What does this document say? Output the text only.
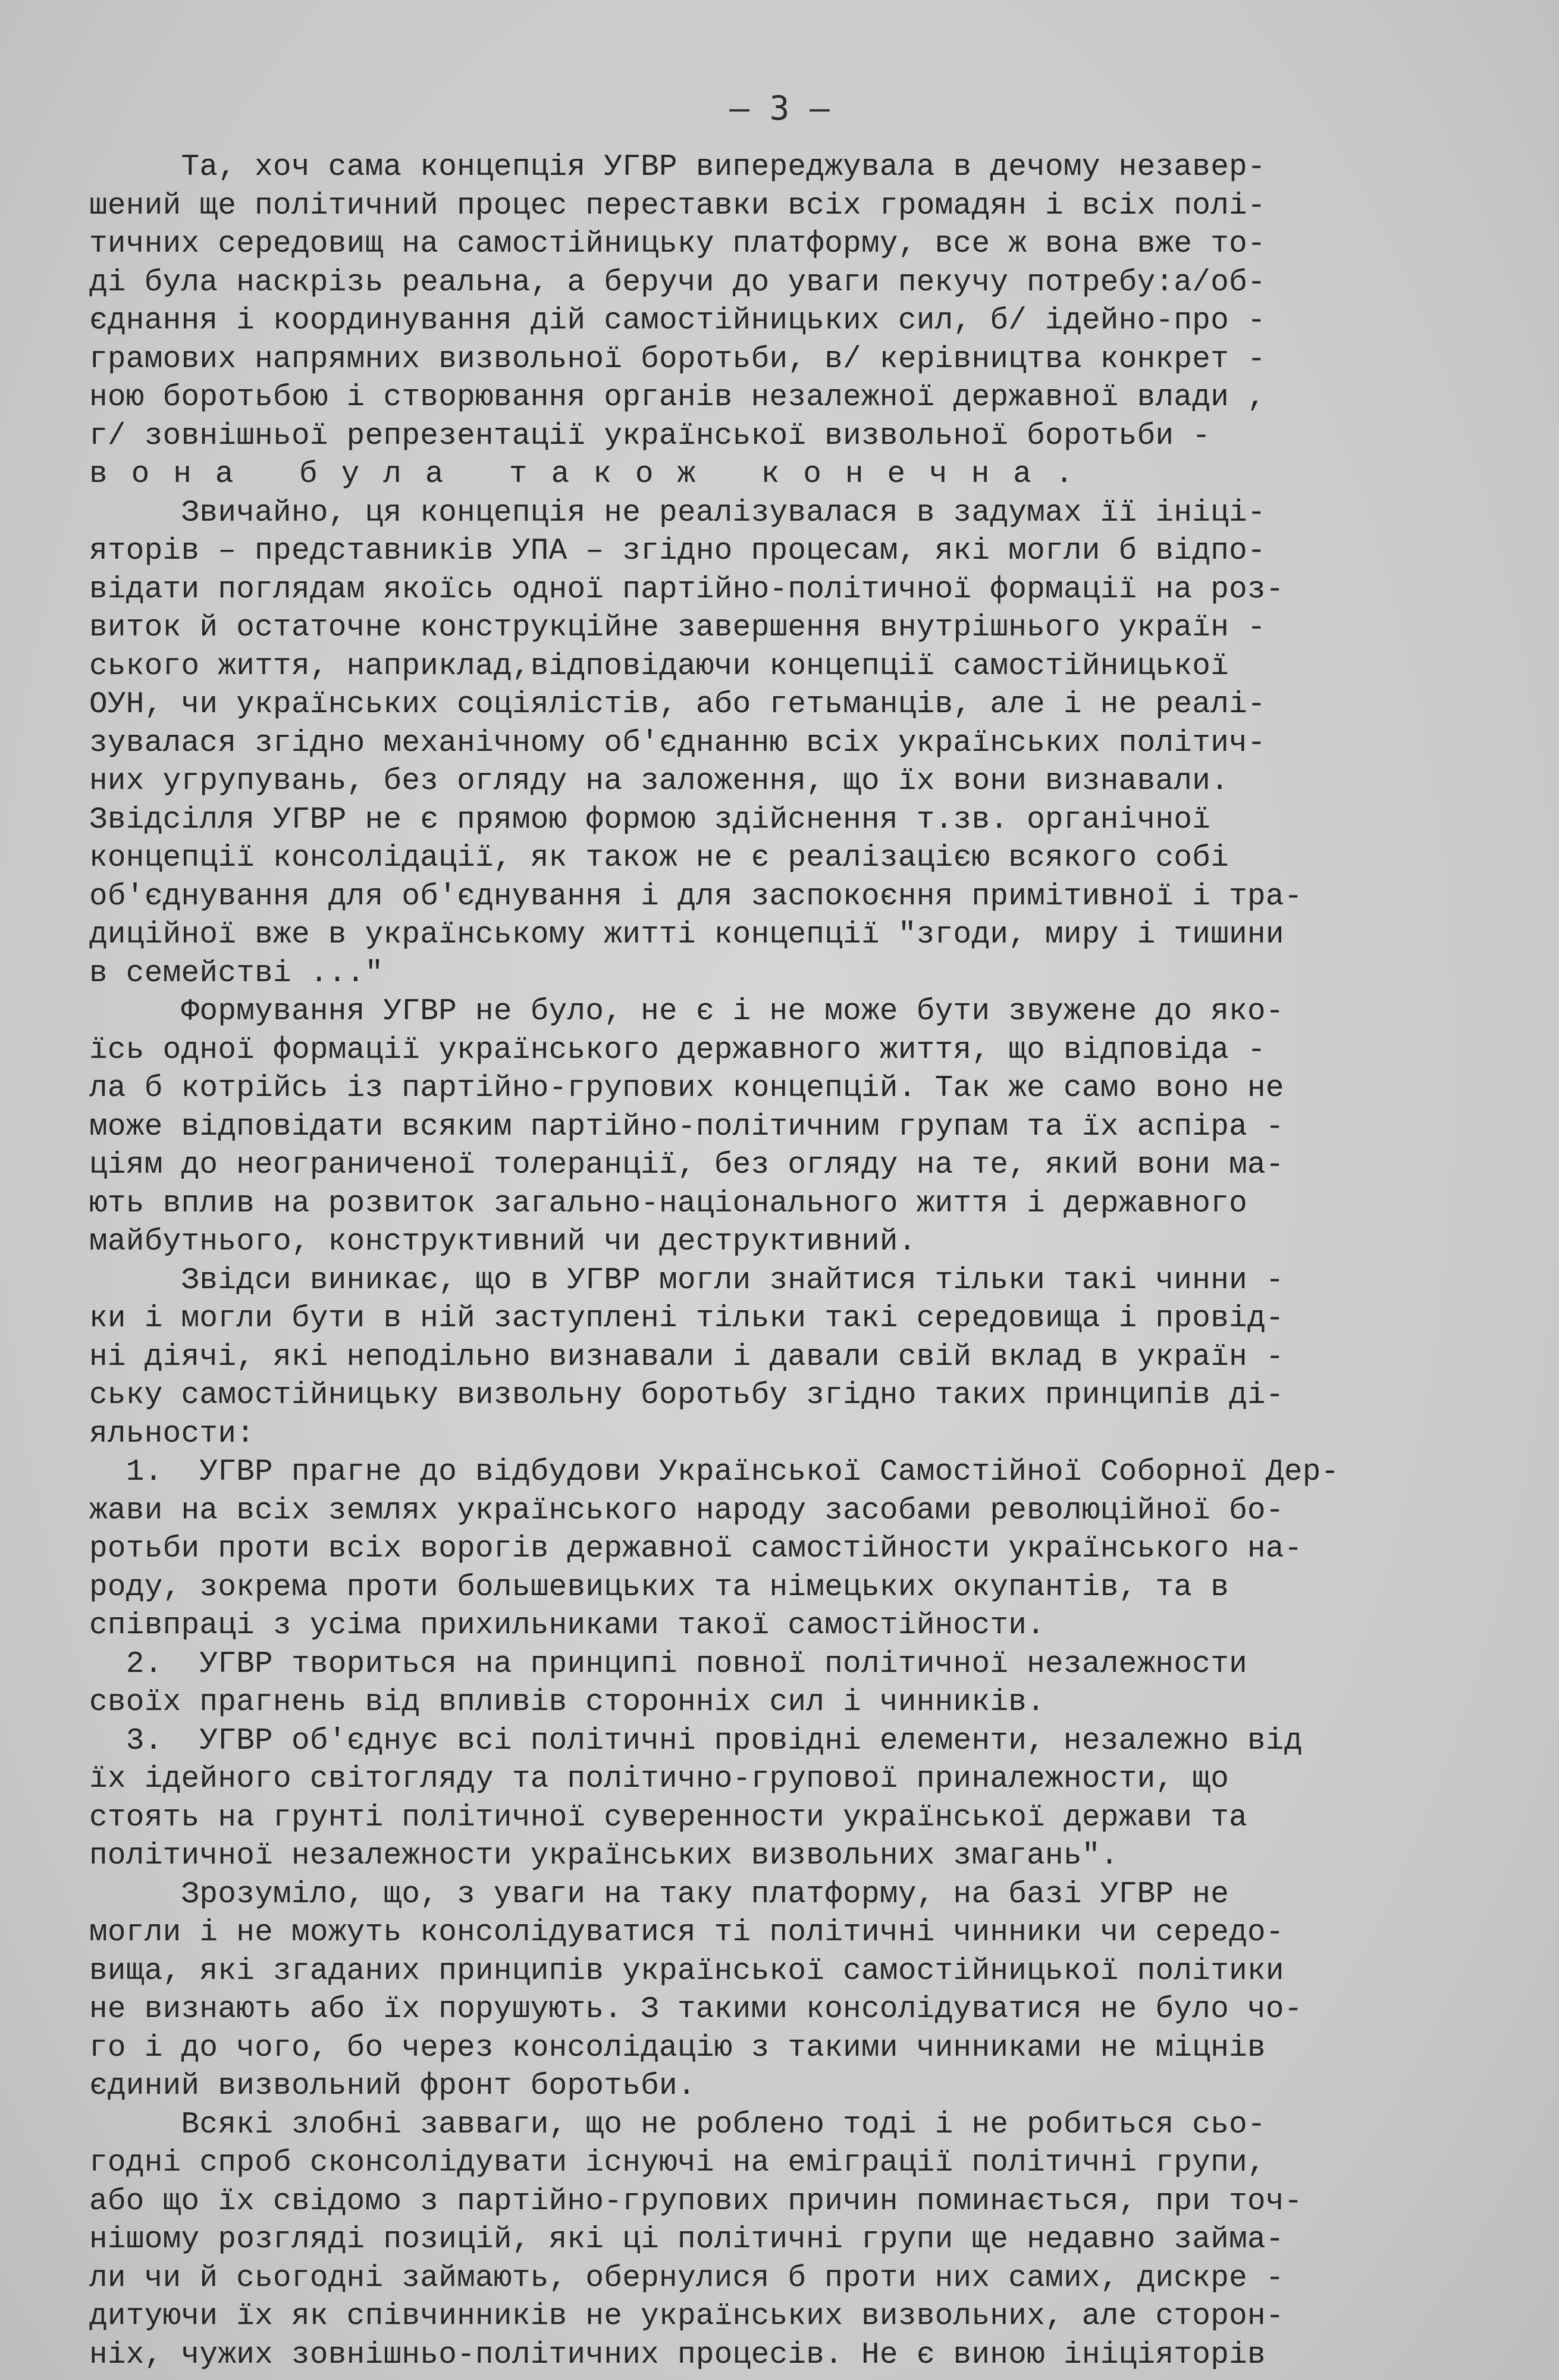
– 3 –
Та, хоч сама концепція УГВР випереджувала в дечому незавер-
шений ще політичний процес переставки всіх громадян і всіх полі-
тичних середовищ на самостійницьку платформу, все ж вона вже то-
ді була наскрізь реальна, а беручи до уваги пекучу потребу:а/об-
єднання і координування дій самостійницьких сил, б/ ідейно-про -
грамових напрямних визвольної боротьби, в/ керівництва конкрет -
ною боротьбою і створювання органів незалежної державної влади ,
г/ зовнішньої репрезентації української визвольної боротьби -
вона була також конечна.
Звичайно, ця концепція не реалізувалася в задумах її ініці-
яторів – представників УПА – згідно процесам, які могли б відпо-
відати поглядам якоїсь одної партійно-політичної формації на роз-
виток й остаточне конструкційне завершення внутрішнього україн -
ського життя, наприклад,відповідаючи концепції самостійницької
ОУН, чи українських соціялістів, або гетьманців, але і не реалі-
зувалася згідно механічному об'єднанню всіх українських політич-
них угрупувань, без огляду на заложення, що їх вони визнавали.
Звідсілля УГВР не є прямою формою здійснення т.зв. органічної
концепції консолідації, як також не є реалізацією всякого собі
об'єднування для об'єднування і для заспокоєння примітивної і тра-
диційної вже в українському житті концепції "згоди, миру і тишини
в семействі ..."
Формування УГВР не було, не є і не може бути звужене до яко-
їсь одної формації українського державного життя, що відповіда -
ла б котрійсь із партійно-групових концепцій. Так же само воно не
може відповідати всяким партійно-політичним групам та їх аспіра -
ціям до неограниченої толеранції, без огляду на те, який вони ма-
ють вплив на розвиток загально-національного життя і державного
майбутнього, конструктивний чи деструктивний.
Звідси виникає, що в УГВР могли знайтися тільки такі чинни -
ки і могли бути в ній заступлені тільки такі середовища і провід-
ні діячі, які неподільно визнавали і давали свій вклад в україн -
ську самостійницьку визвольну боротьбу згідно таких принципів ді-
яльности:
1.  УГВР прагне до відбудови Української Самостійної Соборної Дер-
жави на всіх землях українського народу засобами революційної бо-
ротьби проти всіх ворогів державної самостійности українського на-
роду, зокрема проти большевицьких та німецьких окупантів, та в
співпраці з усіма прихильниками такої самостійности.
2.  УГВР твориться на принципі повної політичної незалежности
своїх прагнень від впливів сторонніх сил і чинників.
3.  УГВР об'єднує всі політичні провідні елементи, незалежно від
їх ідейного світогляду та політично-групової приналежности, що
стоять на грунті політичної суверенности української держави та
політичної незалежности українських визвольних змагань".
Зрозуміло, що, з уваги на таку платформу, на базі УГВР не
могли і не можуть консолідуватися ті політичні чинники чи середо-
вища, які згаданих принципів української самостійницької політики
не визнають або їх порушують. З такими консолідуватися не було чо-
го і до чого, бо через консолідацію з такими чинниками не міцнів
єдиний визвольний фронт боротьби.
Всякі злобні завваги, що не роблено тоді і не робиться сьо-
годні спроб сконсолідувати існуючі на еміграції політичні групи,
або що їх свідомо з партійно-групових причин поминається, при точ-
нішому розгляді позицій, які ці політичні групи ще недавно займа-
ли чи й сьогодні займають, обернулися б проти них самих, дискре -
дитуючи їх як співчинників не українських визвольних, але сторон-
ніх, чужих зовнішньо-політичних процесів. Не є виною ініціяторів
